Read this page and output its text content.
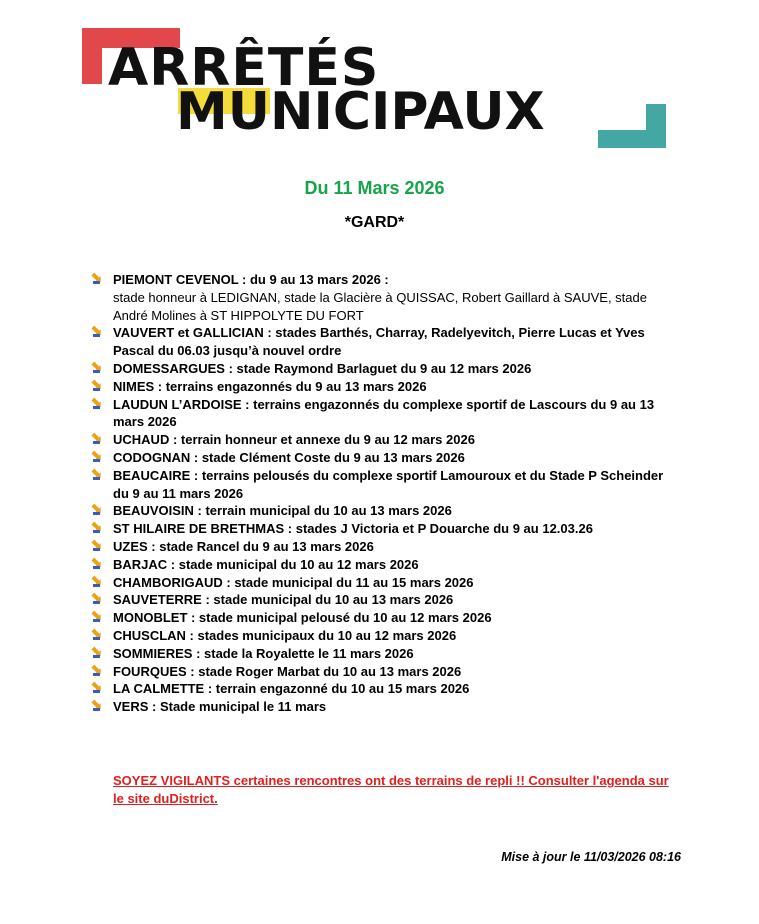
ARRÊTÉS
MUNICIPAUX
Du 11 Mars 2026
*GARD*
PIEMONT CEVENOL : du 9 au 13 mars 2026 :
stade honneur à LEDIGNAN, stade la Glacière à QUISSAC, Robert Gaillard à SAUVE, stade André Molines à ST HIPPOLYTE DU FORT
VAUVERT et GALLICIAN : stades Barthés, Charray, Radelyevitch, Pierre Lucas et Yves Pascal du 06.03 jusqu’à nouvel ordre
DOMESSARGUES : stade Raymond Barlaguet du 9 au 12 mars 2026
NIMES : terrains engazonnés du 9 au 13 mars 2026
LAUDUN L’ARDOISE : terrains engazonnés du complexe sportif de Lascours du 9 au 13 mars 2026
UCHAUD : terrain honneur et annexe du 9 au 12 mars 2026
CODOGNAN : stade Clément Coste du 9 au 13 mars 2026
BEAUCAIRE : terrains pelousés du complexe sportif Lamouroux et du Stade P Scheinder du 9 au 11 mars 2026
BEAUVOISIN : terrain municipal du 10 au 13 mars 2026
ST HILAIRE DE BRETHMAS : stades J Victoria et P Douarche du 9 au 12.03.26
UZES : stade Rancel du 9 au 13 mars 2026
BARJAC : stade municipal du 10 au 12 mars 2026
CHAMBORIGAUD : stade municipal du 11 au 15 mars 2026
SAUVETERRE : stade municipal du 10 au 13 mars 2026
MONOBLET : stade municipal pelousé du 10 au 12 mars 2026
CHUSCLAN : stades municipaux du 10 au 12 mars 2026
SOMMIERES : stade la Royalette le 11 mars 2026
FOURQUES : stade Roger Marbat du 10 au 13 mars 2026
LA CALMETTE : terrain engazonné du 10 au 15 mars 2026
VERS : Stade municipal le 11 mars
SOYEZ VIGILANTS certaines rencontres ont des terrains de repli !! Consulter l'agenda sur le site duDistrict.
Mise à jour le 11/03/2026 08:16
